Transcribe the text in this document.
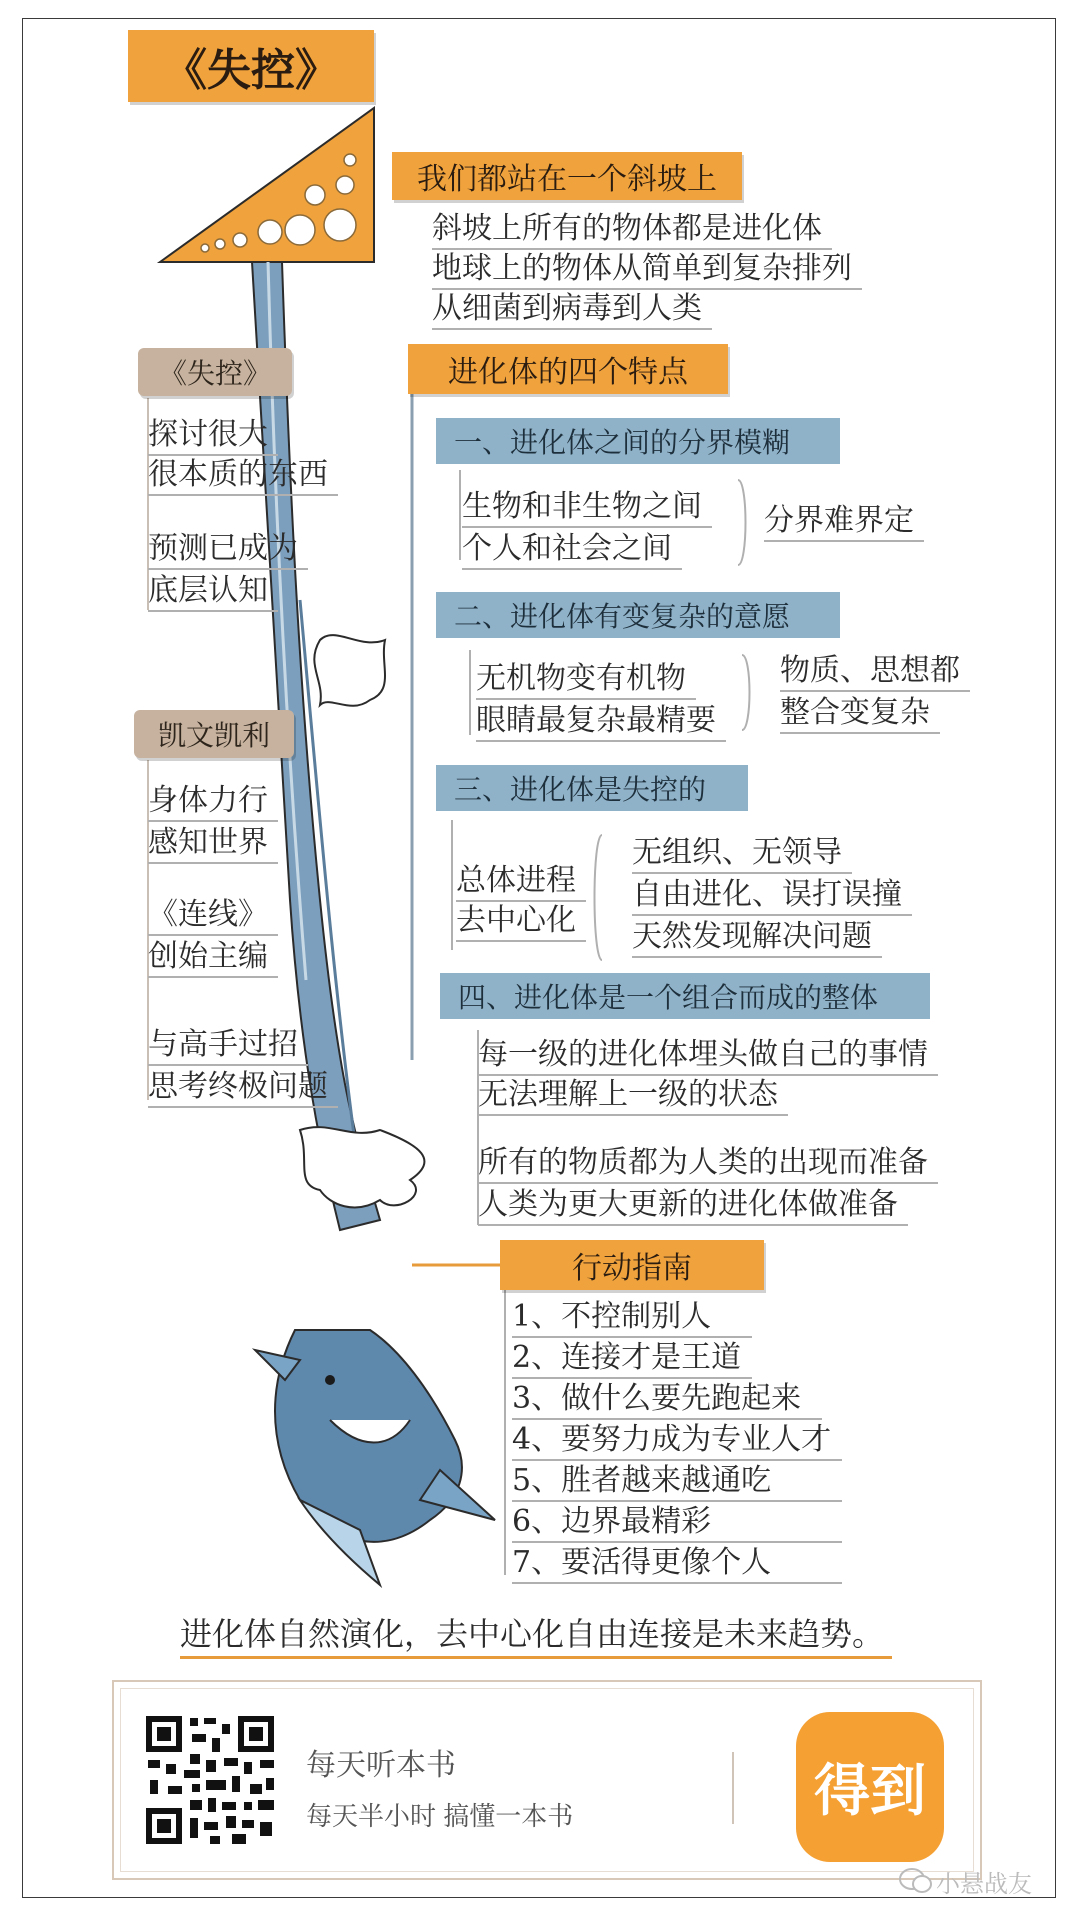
《失控》
我们都站在一个斜坡上
斜坡上所有的物体都是进化体
地球上的物体从简单到复杂排列
从细菌到病毒到人类
进化体的四个特点
一、进化体之间的分界模糊
生物和非生物之间
个人和社会之间
分界难界定
二、进化体有变复杂的意愿
无机物变有机物
眼睛最复杂最精要
物质、思想都
整合变复杂
三、进化体是失控的
总体进程
去中心化
无组织、无领导
自由进化、误打误撞
天然发现解决问题
四、进化体是一个组合而成的整体
每一级的进化体埋头做自己的事情
无法理解上一级的状态
所有的物质都为人类的出现而准备
人类为更大更新的进化体做准备
《失控》
探讨很大
很本质的东西
预测已成为
底层认知
凯文凯利
身体力行
感知世界
《连线》
创始主编
与高手过招
思考终极问题
行动指南
1、不控制别人
2、连接才是王道
3、做什么要先跑起来
4、要努力成为专业人才
5、胜者越来越通吃
6、边界最精彩
7、要活得更像个人
进化体自然演化，去中心化自由连接是未来趋势。
每天听本书
每天半小时 搞懂一本书	得到
小悬战友
